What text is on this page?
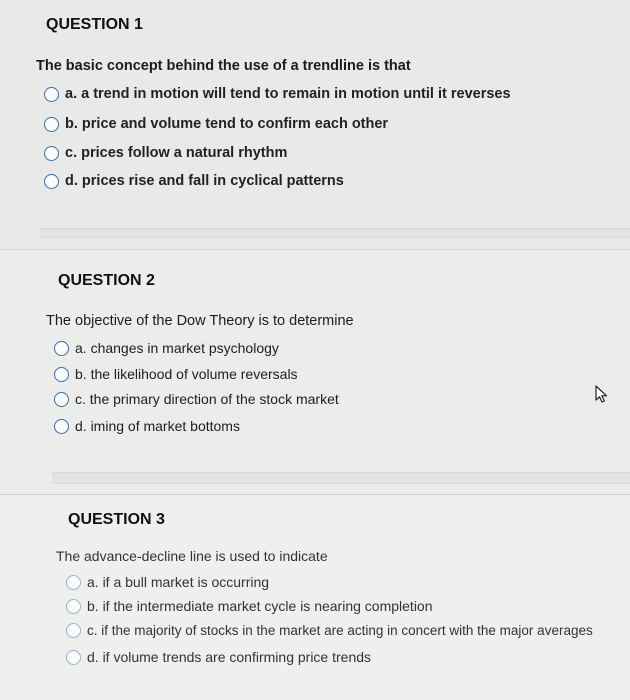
QUESTION 1
The basic concept behind the use of a trendline is that
a. a trend in motion will tend to remain in motion until it reverses
b. price and volume tend to confirm each other
c. prices follow a natural rhythm
d. prices rise and fall in cyclical patterns
QUESTION 2
The objective of the Dow Theory is to determine
a. changes in market psychology
b. the likelihood of volume reversals
c. the primary direction of the stock market
d. iming of market bottoms
QUESTION 3
The advance-decline line is used to indicate
a. if a bull market is occurring
b. if the intermediate market cycle is nearing completion
c. if the majority of stocks in the market are acting in concert with the major averages
d. if volume trends are confirming price trends
